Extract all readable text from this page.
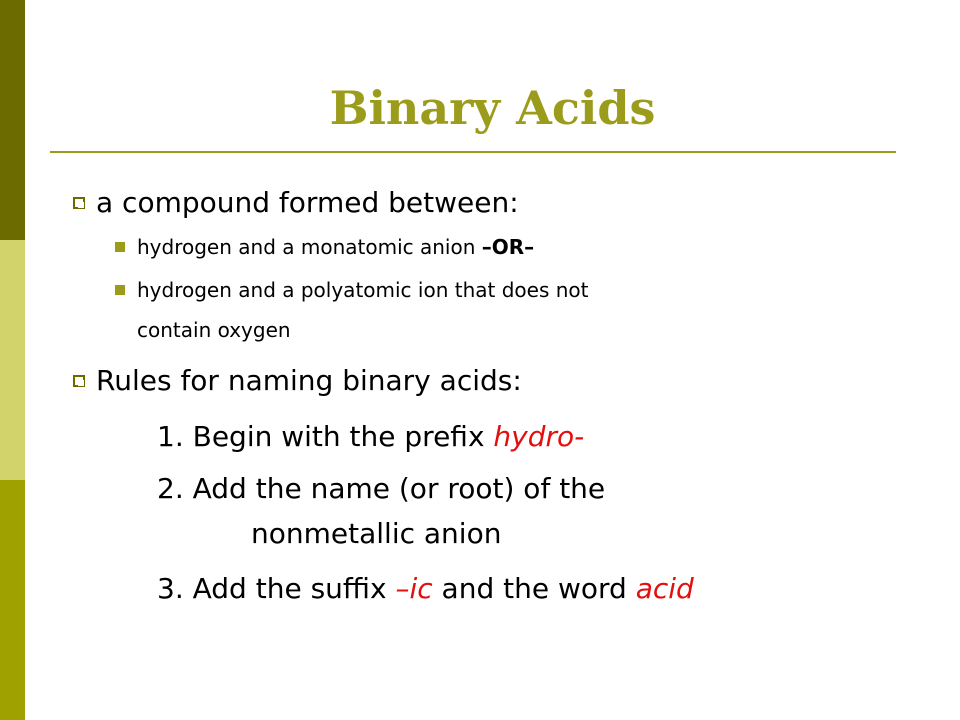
Binary Acids

a compound formed between:

hydrogen and a monatomic anion –OR–

hydrogen and a polyatomic ion that does not

contain oxygen

Rules for naming binary acids:

1. Begin with the prefix hydro-

2. Add the name (or root) of the

nonmetallic anion

3. Add the suffix –ic and the word acid
